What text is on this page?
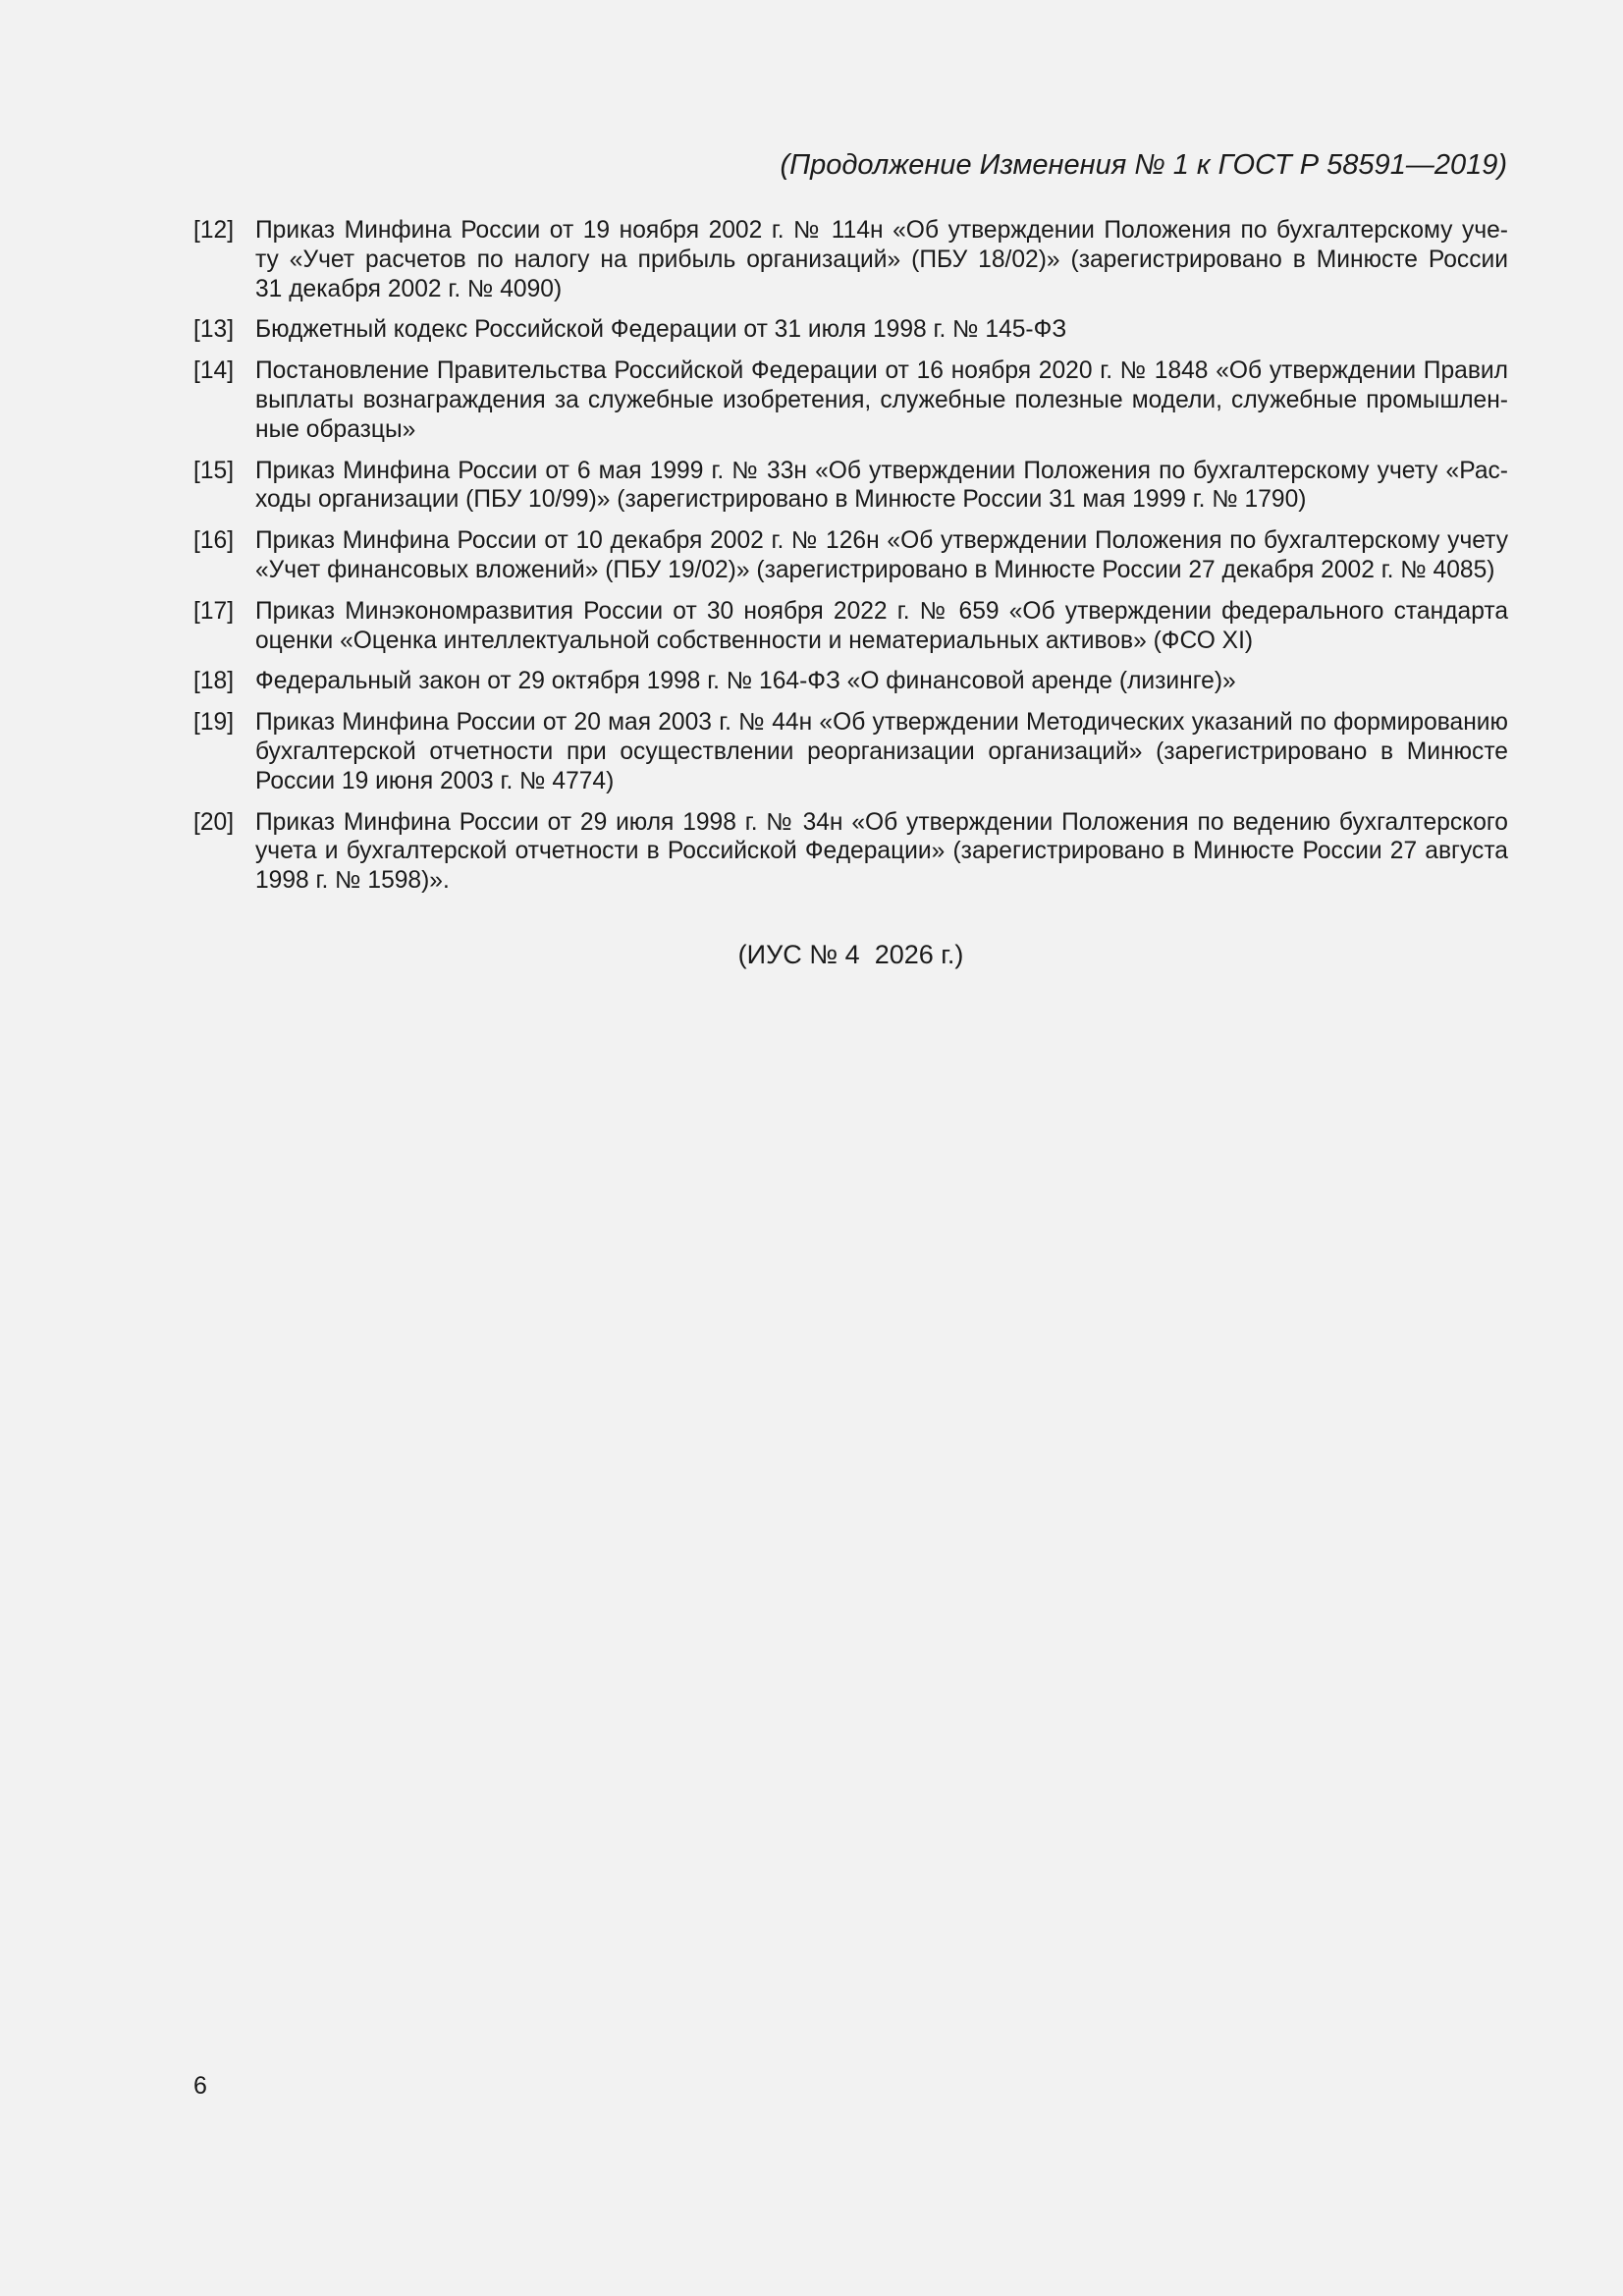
(Продолжение Изменения № 1 к ГОСТ Р 58591—2019)
[12] Приказ Минфина России от 19 ноября 2002 г. № 114н «Об утверждении Положения по бухгалтерскому уче-
ту «Учет расчетов по налогу на прибыль организаций» (ПБУ 18/02)» (зарегистрировано в Минюсте России
31 декабря 2002 г. № 4090)
[13] Бюджетный кодекс Российской Федерации от 31 июля 1998 г. № 145-ФЗ
[14] Постановление Правительства Российской Федерации от 16 ноября 2020 г. № 1848 «Об утверждении Правил
выплаты вознаграждения за служебные изобретения, служебные полезные модели, служебные промышлен-
ные образцы»
[15] Приказ Минфина России от 6 мая 1999 г. № 33н «Об утверждении Положения по бухгалтерскому учету «Рас-
ходы организации (ПБУ 10/99)» (зарегистрировано в Минюсте России 31 мая 1999 г. № 1790)
[16] Приказ Минфина России от 10 декабря 2002 г. № 126н «Об утверждении Положения по бухгалтерскому учету
«Учет финансовых вложений» (ПБУ 19/02)» (зарегистрировано в Минюсте России 27 декабря 2002 г. № 4085)
[17] Приказ Минэкономразвития России от 30 ноября 2022 г. № 659 «Об утверждении федерального стандарта
оценки «Оценка интеллектуальной собственности и нематериальных активов» (ФСО XI)
[18] Федеральный закон от 29 октября 1998 г. № 164-ФЗ «О финансовой аренде (лизинге)»
[19] Приказ Минфина России от 20 мая 2003 г. № 44н «Об утверждении Методических указаний по формированию
бухгалтерской отчетности при осуществлении реорганизации организаций» (зарегистрировано в Минюсте
России 19 июня 2003 г. № 4774)
[20] Приказ Минфина России от 29 июля 1998 г. № 34н «Об утверждении Положения по ведению бухгалтерского
учета и бухгалтерской отчетности в Российской Федерации» (зарегистрировано в Минюсте России 27 августа
1998 г. № 1598)».
(ИУС № 4  2026 г.)
6
